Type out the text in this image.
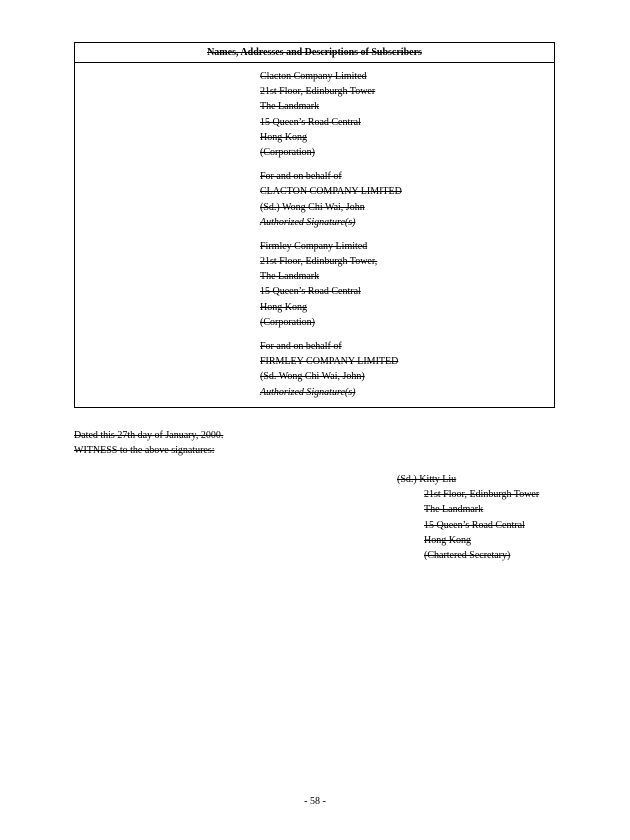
Names, Addresses and Descriptions of Subscribers
Clacton Company Limited
21st Floor, Edinburgh Tower
The Landmark
15 Queen’s Road Central
Hong Kong
(Corporation)
For and on behalf of
CLACTON COMPANY LIMITED
(Sd.) Wong Chi Wai, John
Authorized Signature(s)
Firmley Company Limited
21st Floor, Edinburgh Tower,
The Landmark
15 Queen’s Road Central
Hong Kong
(Corporation)
For and on behalf of
FIRMLEY COMPANY LIMITED
(Sd. Wong Chi Wai, John)
Authorized Signature(s)
Dated this 27th day of January, 2000.
WITNESS to the above signatures:
(Sd.) Kitty Liu
21st Floor, Edinburgh Tower
The Landmark
15 Queen’s Road Central
Hong Kong
(Chartered Secretary)
- 58 -
